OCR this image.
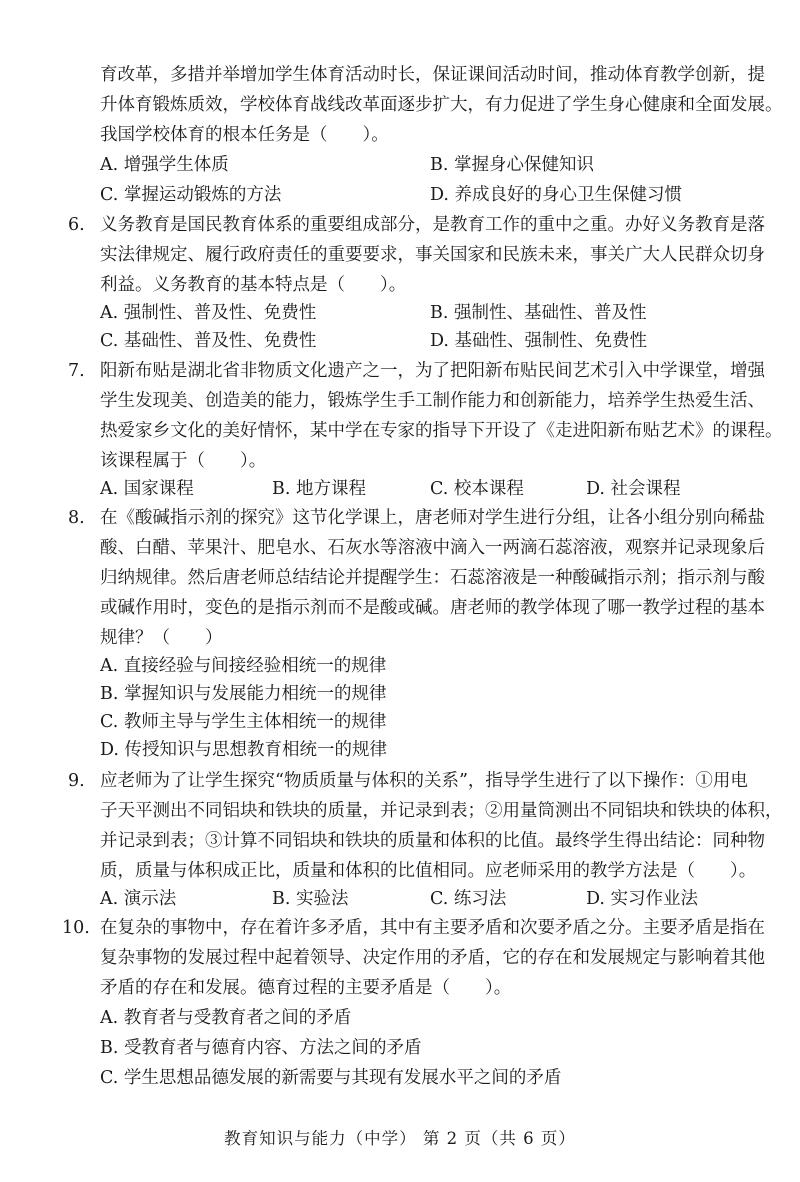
育改革，多措并举增加学生体育活动时长，保证课间活动时间，推动体育教学创新，提
升体育锻炼质效，学校体育战线改革面逐步扩大，有力促进了学生身心健康和全面发展。
我国学校体育的根本任务是（　　）。
A. 增强学生体质	B. 掌握身心保健知识
C. 掌握运动锻炼的方法	D. 养成良好的身心卫生保健习惯
6. 义务教育是国民教育体系的重要组成部分，是教育工作的重中之重。办好义务教育是落
实法律规定、履行政府责任的重要要求，事关国家和民族未来，事关广大人民群众切身
利益。义务教育的基本特点是（　　）。
A. 强制性、普及性、免费性	B. 强制性、基础性、普及性
C. 基础性、普及性、免费性	D. 基础性、强制性、免费性
7. 阳新布贴是湖北省非物质文化遗产之一，为了把阳新布贴民间艺术引入中学课堂，增强
学生发现美、创造美的能力，锻炼学生手工制作能力和创新能力，培养学生热爱生活、
热爱家乡文化的美好情怀，某中学在专家的指导下开设了《走进阳新布贴艺术》的课程。
该课程属于（　　）。
A. 国家课程	B. 地方课程	C. 校本课程	D. 社会课程
8. 在《酸碱指示剂的探究》这节化学课上，唐老师对学生进行分组，让各小组分别向稀盐
酸、白醋、苹果汁、肥皂水、石灰水等溶液中滴入一两滴石蕊溶液，观察并记录现象后
归纳规律。然后唐老师总结结论并提醒学生：石蕊溶液是一种酸碱指示剂；指示剂与酸
或碱作用时，变色的是指示剂而不是酸或碱。唐老师的教学体现了哪一教学过程的基本
规律？（　　）
A. 直接经验与间接经验相统一的规律
B. 掌握知识与发展能力相统一的规律
C. 教师主导与学生主体相统一的规律
D. 传授知识与思想教育相统一的规律
9. 应老师为了让学生探究“物质质量与体积的关系”，指导学生进行了以下操作：①用电
子天平测出不同铝块和铁块的质量，并记录到表；②用量筒测出不同铝块和铁块的体积，
并记录到表；③计算不同铝块和铁块的质量和体积的比值。最终学生得出结论：同种物
质，质量与体积成正比，质量和体积的比值相同。应老师采用的教学方法是（　　）。
A. 演示法	B. 实验法	C. 练习法	D. 实习作业法
10. 在复杂的事物中，存在着许多矛盾，其中有主要矛盾和次要矛盾之分。主要矛盾是指在
复杂事物的发展过程中起着领导、决定作用的矛盾，它的存在和发展规定与影响着其他
矛盾的存在和发展。德育过程的主要矛盾是（　　）。
A. 教育者与受教育者之间的矛盾
B. 受教育者与德育内容、方法之间的矛盾
C. 学生思想品德发展的新需要与其现有发展水平之间的矛盾
教育知识与能力（中学） 第 2 页（共 6 页）
